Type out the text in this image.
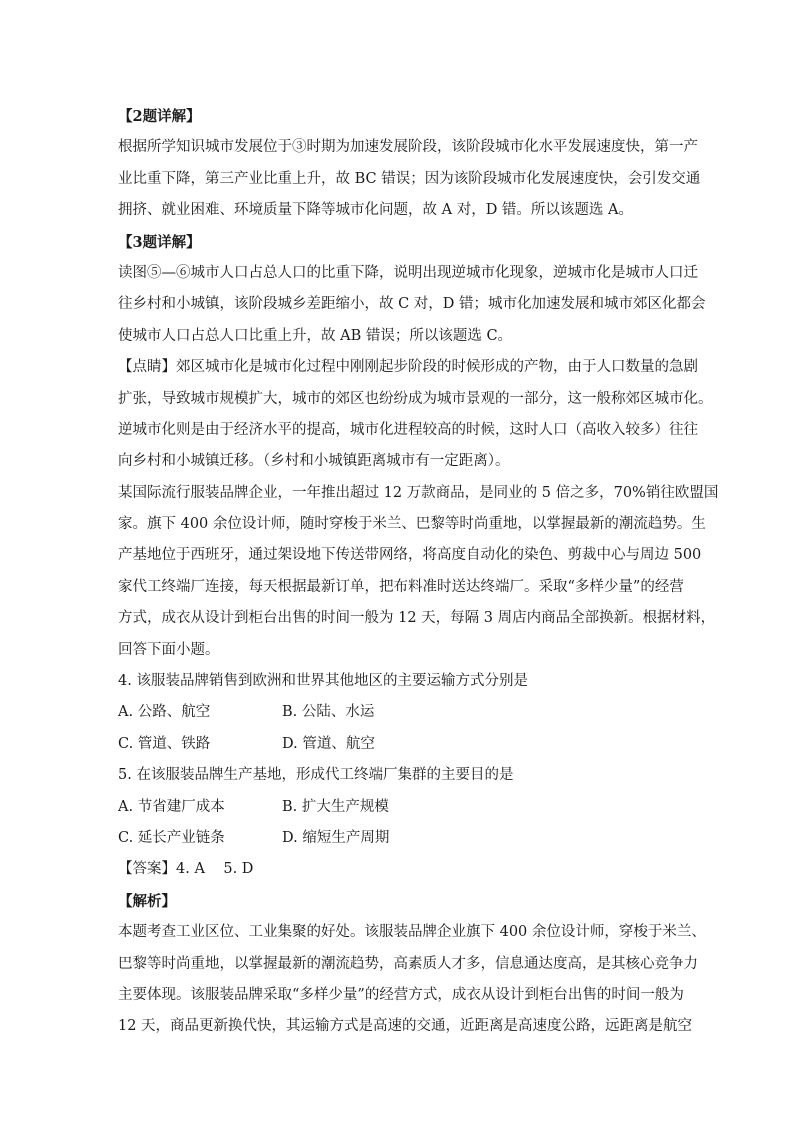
【2题详解】
根据所学知识城市发展位于③时期为加速发展阶段，该阶段城市化水平发展速度快，第一产
业比重下降，第三产业比重上升，故 BC 错误；因为该阶段城市化发展速度快，会引发交通
拥挤、就业困难、环境质量下降等城市化问题，故 A 对，D 错。所以该题选 A。
【3题详解】
读图⑤—⑥城市人口占总人口的比重下降，说明出现逆城市化现象，逆城市化是城市人口迁
往乡村和小城镇，该阶段城乡差距缩小，故 C 对，D 错；城市化加速发展和城市郊区化都会
使城市人口占总人口比重上升，故 AB 错误；所以该题选 C。
【点睛】郊区城市化是城市化过程中刚刚起步阶段的时候形成的产物，由于人口数量的急剧
扩张，导致城市规模扩大，城市的郊区也纷纷成为城市景观的一部分，这一般称郊区城市化。
逆城市化则是由于经济水平的提高，城市化进程较高的时候，这时人口（高收入较多）往往
向乡村和小城镇迁移。（乡村和小城镇距离城市有一定距离）。
某国际流行服装品牌企业，一年推出超过 12 万款商品，是同业的 5 倍之多，70%销往欧盟国
家。旗下 400 余位设计师，随时穿梭于米兰、巴黎等时尚重地，以掌握最新的潮流趋势。生
产基地位于西班牙，通过架设地下传送带网络，将高度自动化的染色、剪裁中心与周边 500
家代工终端厂连接，每天根据最新订单，把布料准时送达终端厂。采取“多样少量”的经营
方式，成衣从设计到柜台出售的时间一般为 12 天，每隔 3 周店内商品全部换新。根据材料，
回答下面小题。
4. 该服装品牌销售到欧洲和世界其他地区的主要运输方式分别是
A. 公路、航空	B. 公陆、水运
C. 管道、铁路	D. 管道、航空
5. 在该服装品牌生产基地，形成代工终端厂集群的主要目的是
A. 节省建厂成本	B. 扩大生产规模
C. 延长产业链条	D. 缩短生产周期
【答案】4. A    5. D
【解析】
本题考查工业区位、工业集聚的好处。该服装品牌企业旗下 400 余位设计师，穿梭于米兰、
巴黎等时尚重地，以掌握最新的潮流趋势，高素质人才多，信息通达度高，是其核心竞争力
主要体现。该服装品牌采取“多样少量”的经营方式，成衣从设计到柜台出售的时间一般为
12 天，商品更新换代快，其运输方式是高速的交通，近距离是高速度公路，远距离是航空
